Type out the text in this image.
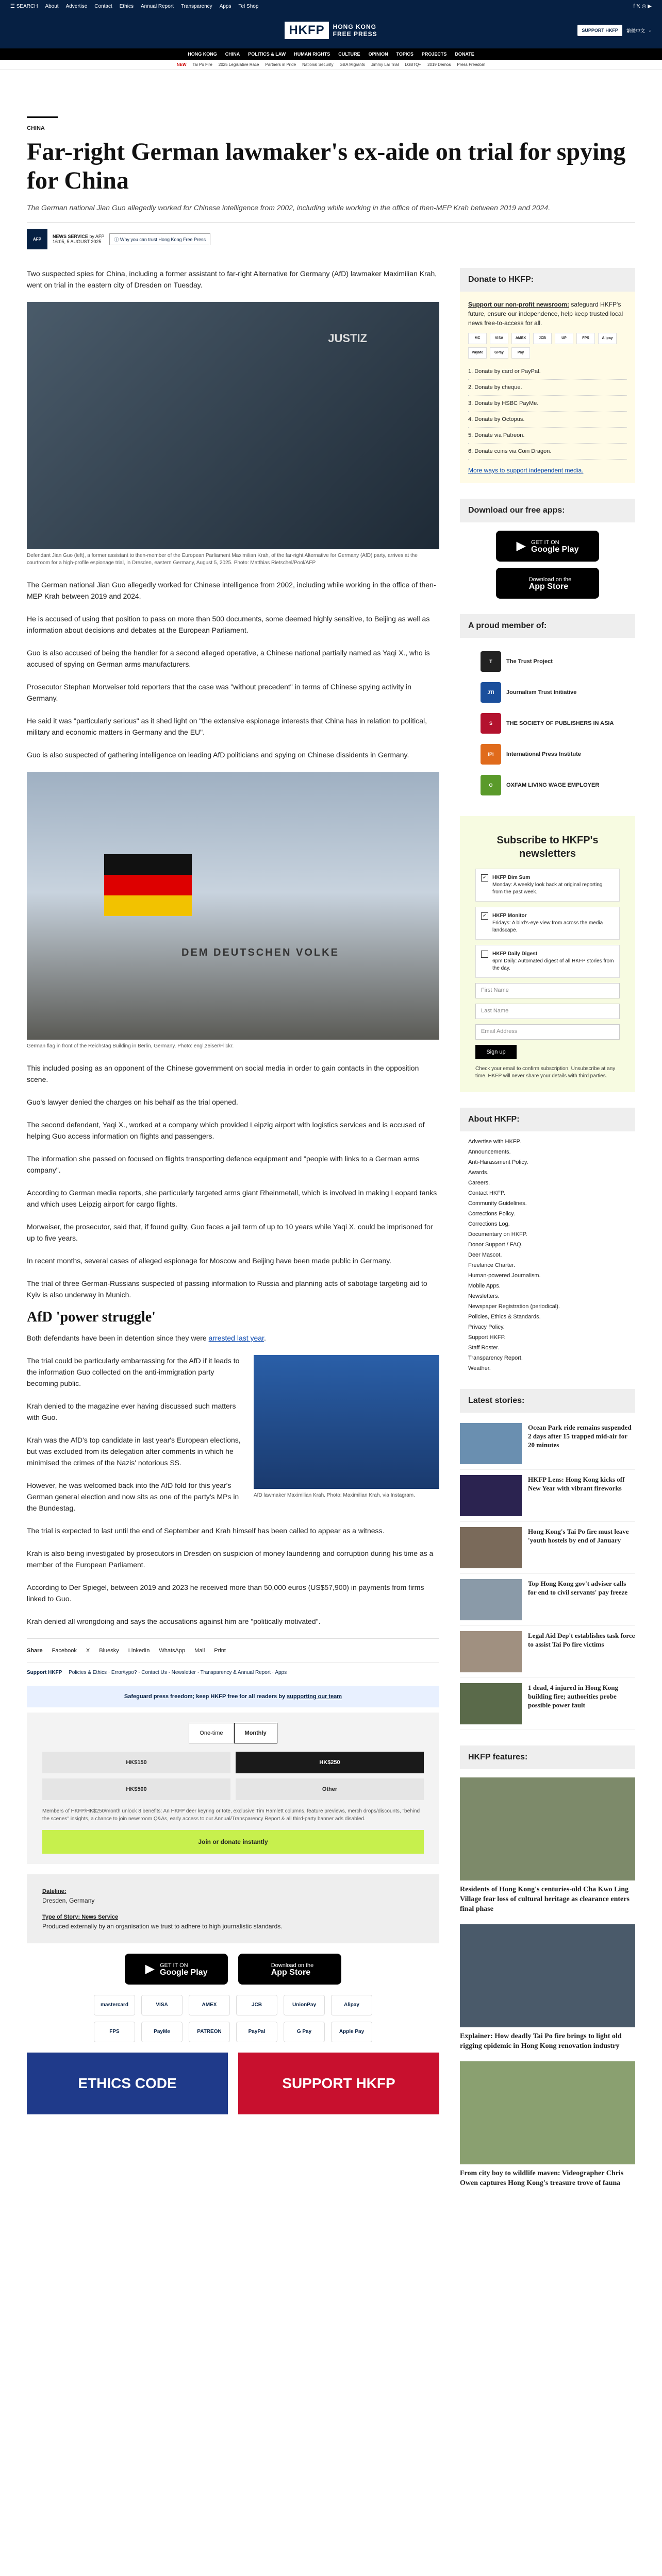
☰ SEARCH About Advertise Contact Ethics Annual Report Transparency Apps Tel Shop	f 𝕏 ◎ ▶
HKFP	HONG KONG
FREE PRESS	SUPPORT HKFP	繁體中文 ⌕
HONG KONG CHINA POLITICS & LAW HUMAN RIGHTS CULTURE OPINION TOPICS PROJECTS DONATE
NEW Tai Po Fire 2025 Legislative Race Partners in Pride National Security GBA Migrants Jimmy Lai Trial LGBTQ+ 2019 Demos Press Freedom
CHINA
Far-right German lawmaker's ex-aide on trial for spying for China
The German national Jian Guo allegedly worked for Chinese intelligence from 2002, including while working in the office of then-MEP Krah between 2019 and 2024.
AFP	NEWS SERVICE by AFP
16:05, 5 AUGUST 2025	ⓘ Why you can trust Hong Kong Free Press

Two suspected spies for China, including a former assistant to far-right Alternative for Germany (AfD) lawmaker Maximilian Krah, went on trial in the eastern city of Dresden on Tuesday.

JUSTIZ
Defendant Jian Guo (left), a former assistant to then-member of the European Parliament Maximilian Krah, of the far-right Alternative for Germany (AfD) party, arrives at the courtroom for a high-profile espionage trial, in Dresden, eastern Germany, August 5, 2025. Photo: Matthias Rietschel/Pool/AFP

The German national Jian Guo allegedly worked for Chinese intelligence from 2002, including while working in the office of then-MEP Krah between 2019 and 2024.

He is accused of using that position to pass on more than 500 documents, some deemed highly sensitive, to Beijing as well as information about decisions and debates at the European Parliament.

Guo is also accused of being the handler for a second alleged operative, a Chinese national partially named as Yaqi X., who is accused of spying on German arms manufacturers.

Prosecutor Stephan Morweiser told reporters that the case was "without precedent" in terms of Chinese spying activity in Germany.

He said it was "particularly serious" as it shed light on "the extensive espionage interests that China has in relation to political, military and economic matters in Germany and the EU".

Guo is also suspected of gathering intelligence on leading AfD politicians and spying on Chinese dissidents in Germany.

DEM DEUTSCHEN VOLKE
German flag in front of the Reichstag Building in Berlin, Germany. Photo: engl.zeiser/Flickr.

This included posing as an opponent of the Chinese government on social media in order to gain contacts in the opposition scene.

Guo's lawyer denied the charges on his behalf as the trial opened.

The second defendant, Yaqi X., worked at a company which provided Leipzig airport with logistics services and is accused of helping Guo access information on flights and passengers.

The information she passed on focused on flights transporting defence equipment and "people with links to a German arms company".

According to German media reports, she particularly targeted arms giant Rheinmetall, which is involved in making Leopard tanks and which uses Leipzig airport for cargo flights.

Morweiser, the prosecutor, said that, if found guilty, Guo faces a jail term of up to 10 years while Yaqi X. could be imprisoned for up to five years.

In recent months, several cases of alleged espionage for Moscow and Beijing have been made public in Germany.

The trial of three German-Russians suspected of passing information to Russia and planning acts of sabotage targeting aid to Kyiv is also underway in Munich.

AfD 'power struggle'

Both defendants have been in detention since they were arrested last year.

AfD lawmaker Maximilian Krah. Photo: Maximilian Krah, via Instagram.

The trial could be particularly embarrassing for the AfD if it leads to the information Guo collected on the anti-immigration party becoming public.

Krah denied to the magazine ever having discussed such matters with Guo.

Krah was the AfD's top candidate in last year's European elections, but was excluded from its delegation after comments in which he minimised the crimes of the Nazis' notorious SS.

However, he was welcomed back into the AfD fold for this year's German general election and now sits as one of the party's MPs in the Bundestag.

The trial is expected to last until the end of September and Krah himself has been called to appear as a witness.

Krah is also being investigated by prosecutors in Dresden on suspicion of money laundering and corruption during his time as a member of the European Parliament.

According to Der Spiegel, between 2019 and 2023 he received more than 50,000 euros (US$57,900) in payments from firms linked to Guo.

Krah denied all wrongdoing and says the accusations against him are "politically motivated".

Share Facebook X Bluesky LinkedIn WhatsApp Mail Print
Support HKFP Policies & Ethics · Error/typo? · Contact Us · Newsletter · Transparency & Annual Report · Apps
Safeguard press freedom; keep HKFP free for all readers by supporting our team
One-time	Monthly
HK$150	HK$250
HK$500	Other
Members of HKFP/HK$250/month unlock 8 benefits: An HKFP deer keyring or tote, exclusive Tim Hamlett columns, feature previews, merch drops/discounts, "behind the scenes" insights, a chance to join newsroom Q&As, early access to our Annual/Transparency Report & all third-party banner ads disabled.
Join or donate instantly
Dateline:
Dresden, Germany
Type of Story: News Service
Produced externally by an organisation we trust to adhere to high journalistic standards.
▶ GET IT ON
Google Play
Download on the
App Store
mastercard	VISA	AMEX	JCB	UnionPay	Alipay
FPS	PayMe	PATREON	PayPal	G Pay	Apple Pay
ETHICS CODE	SUPPORT HKFP
Donate to HKFP:
Support our non-profit newsroom: safeguard HKFP's future, ensure our independence, help keep trusted local news free-to-access for all.
MC	VISA	AMEX	JCB	UP	FPS	Alipay
PayMe	GPay	Pay
1. Donate by card or PayPal.
2. Donate by cheque.
3. Donate by HSBC PayMe.
4. Donate by Octopus.
5. Donate via Patreon.
6. Donate coins via Coin Dragon.
More ways to support independent media.
Download our free apps:
▶ GET IT ON
Google Play
Download on the
App Store
A proud member of:
T	The Trust Project
JTI	Journalism Trust Initiative
S	THE SOCIETY OF PUBLISHERS IN ASIA
IPI	International Press Institute
O	OXFAM LIVING WAGE EMPLOYER
Subscribe to HKFP's newsletters
✓ HKFP Dim Sum
Monday: A weekly look back at original reporting from the past week.
✓ HKFP Monitor
Fridays: A bird's-eye view from across the media landscape.
HKFP Daily Digest
6pm Daily: Automated digest of all HKFP stories from the day.
First Name
Last Name
Email Address
Sign up
Check your email to confirm subscription. Unsubscribe at any time. HKFP will never share your details with third parties.
About HKFP:
Advertise with HKFP.
Announcements.
Anti-Harassment Policy.
Awards.
Careers.
Contact HKFP.
Community Guidelines.
Corrections Policy.
Corrections Log.
Documentary on HKFP.
Donor Support / FAQ.
Deer Mascot.
Freelance Charter.
Human-powered Journalism.
Mobile Apps.
Newsletters.
Newspaper Registration (periodical).
Policies, Ethics & Standards.
Privacy Policy.
Support HKFP.
Staff Roster.
Transparency Report.
Weather.
Latest stories:
Ocean Park ride remains suspended 2 days after 15 trapped mid-air for 20 minutes
HKFP Lens: Hong Kong kicks off New Year with vibrant fireworks
Hong Kong's Tai Po fire must leave 'youth hostels by end of January
Top Hong Kong gov't adviser calls for end to civil servants' pay freeze
Legal Aid Dep't establishes task force to assist Tai Po fire victims
1 dead, 4 injured in Hong Kong building fire; authorities probe possible power fault
HKFP features:
Residents of Hong Kong's centuries-old Cha Kwo Ling Village fear loss of cultural heritage as clearance enters final phase
Explainer: How deadly Tai Po fire brings to light old rigging epidemic in Hong Kong renovation industry
From city boy to wildlife maven: Videographer Chris Owen captures Hong Kong's treasure trove of fauna
